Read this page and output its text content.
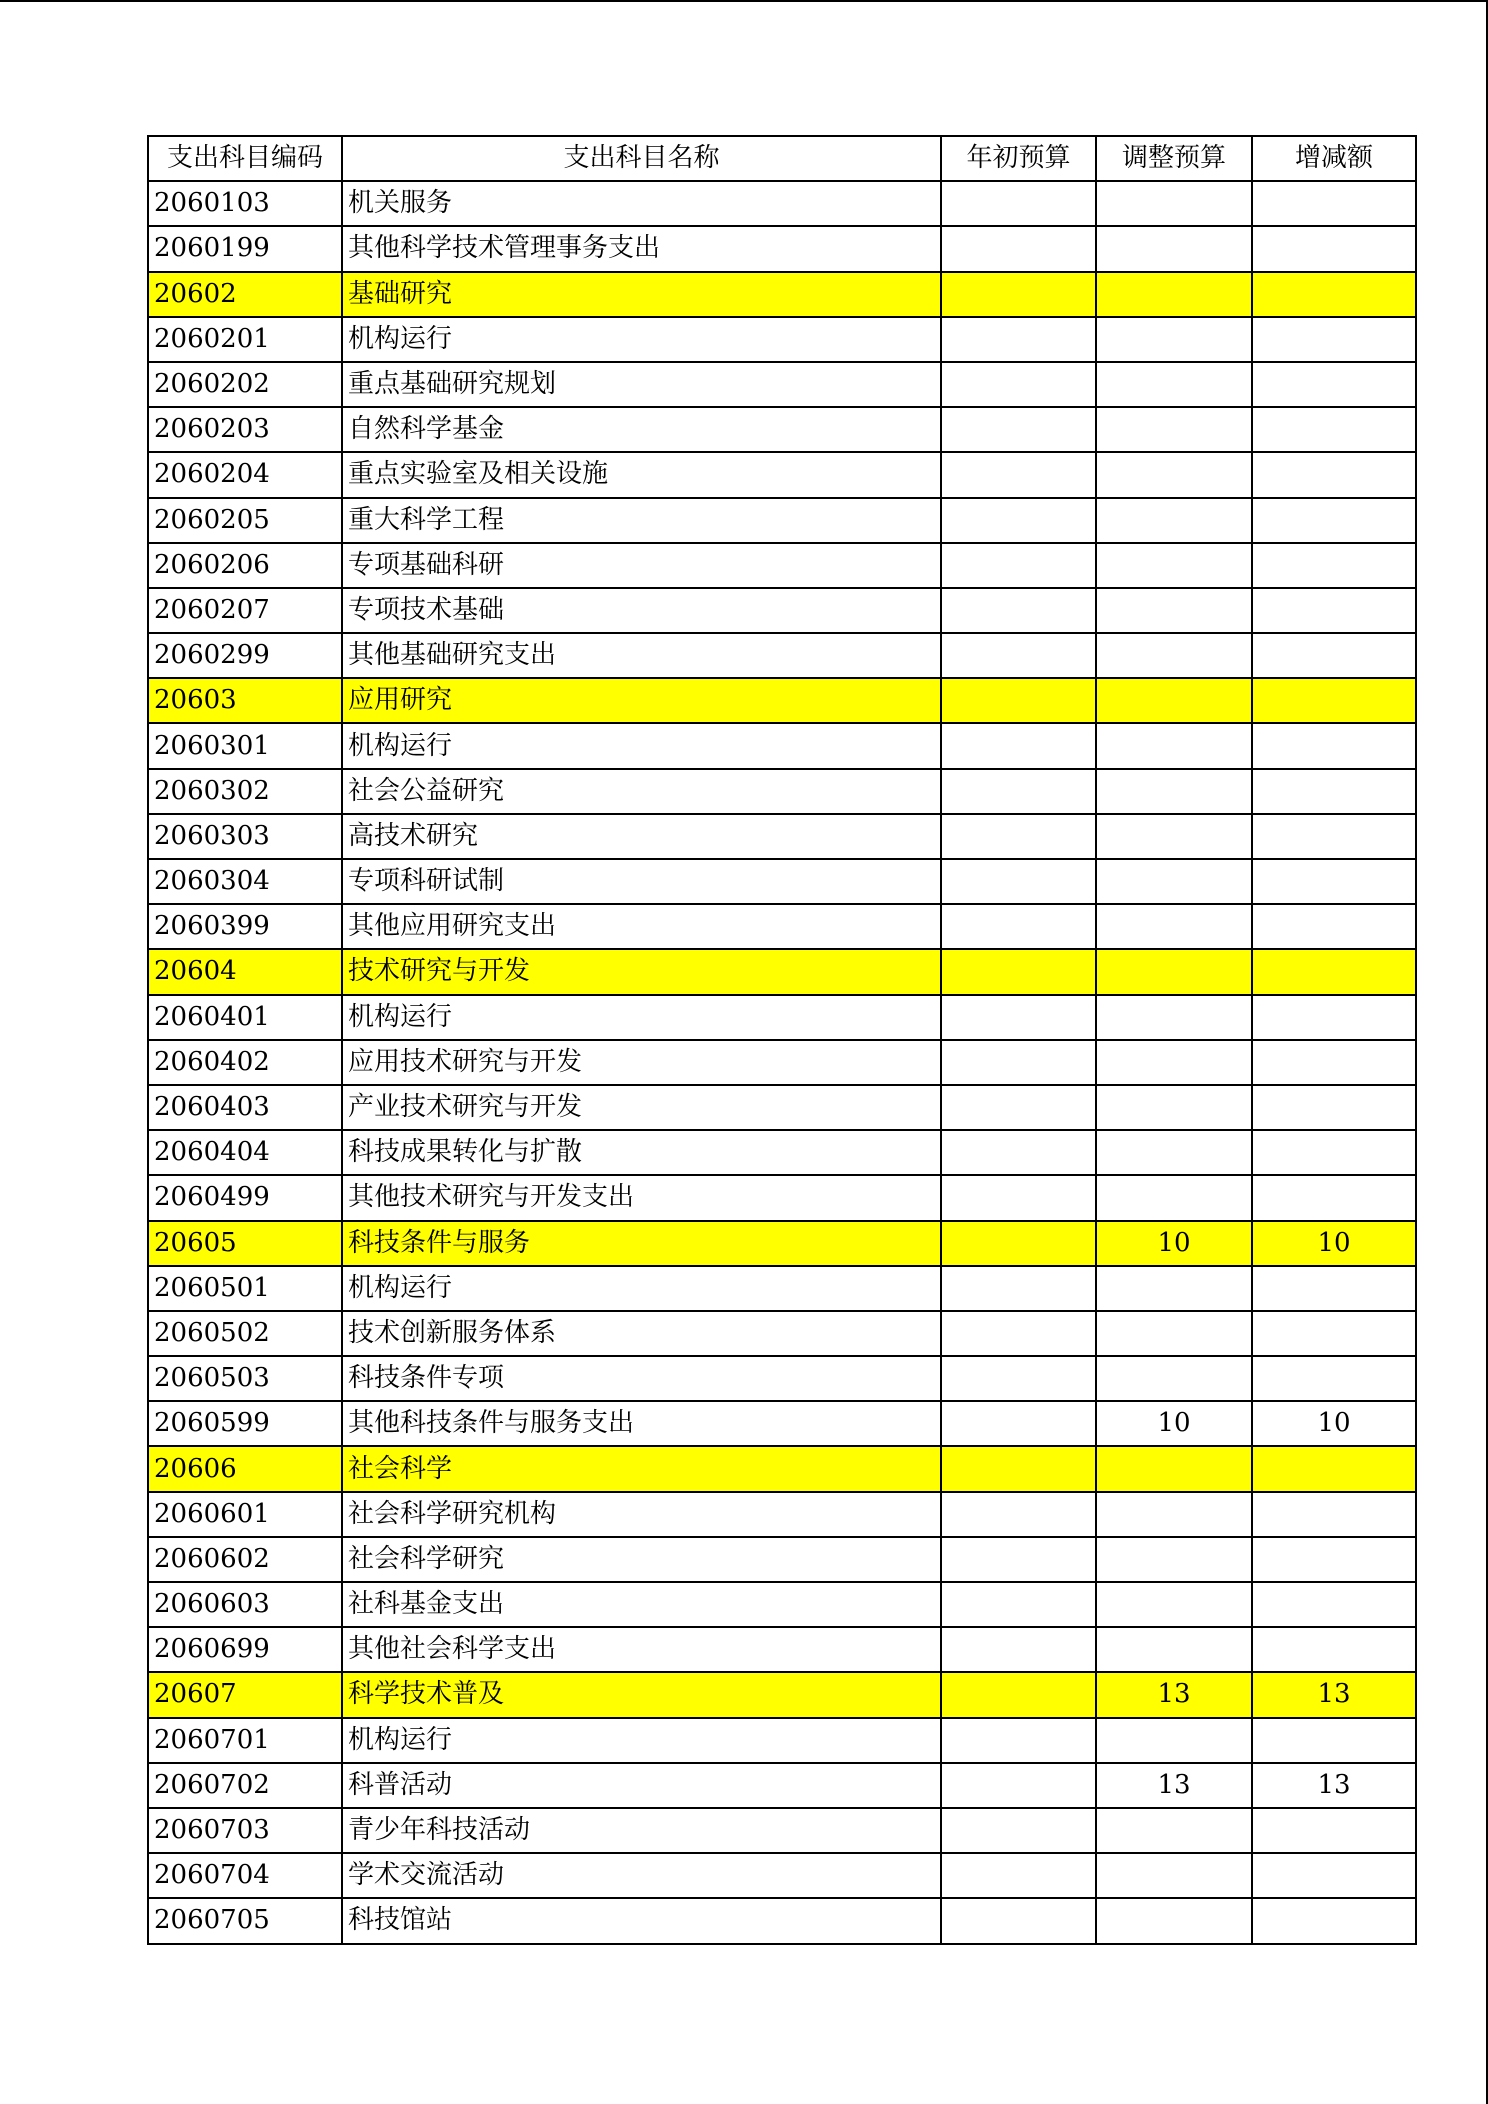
支出科目编码	支出科目名称	年初预算	调整预算	增减额
2060103	机关服务			
2060199	其他科学技术管理事务支出			
20602	基础研究			
2060201	机构运行			
2060202	重点基础研究规划			
2060203	自然科学基金			
2060204	重点实验室及相关设施			
2060205	重大科学工程			
2060206	专项基础科研			
2060207	专项技术基础			
2060299	其他基础研究支出			
20603	应用研究			
2060301	机构运行			
2060302	社会公益研究			
2060303	高技术研究			
2060304	专项科研试制			
2060399	其他应用研究支出			
20604	技术研究与开发			
2060401	机构运行			
2060402	应用技术研究与开发			
2060403	产业技术研究与开发			
2060404	科技成果转化与扩散			
2060499	其他技术研究与开发支出			
20605	科技条件与服务		10	10
2060501	机构运行			
2060502	技术创新服务体系			
2060503	科技条件专项			
2060599	其他科技条件与服务支出		10	10
20606	社会科学			
2060601	社会科学研究机构			
2060602	社会科学研究			
2060603	社科基金支出			
2060699	其他社会科学支出			
20607	科学技术普及		13	13
2060701	机构运行			
2060702	科普活动		13	13
2060703	青少年科技活动			
2060704	学术交流活动			
2060705	科技馆站			
